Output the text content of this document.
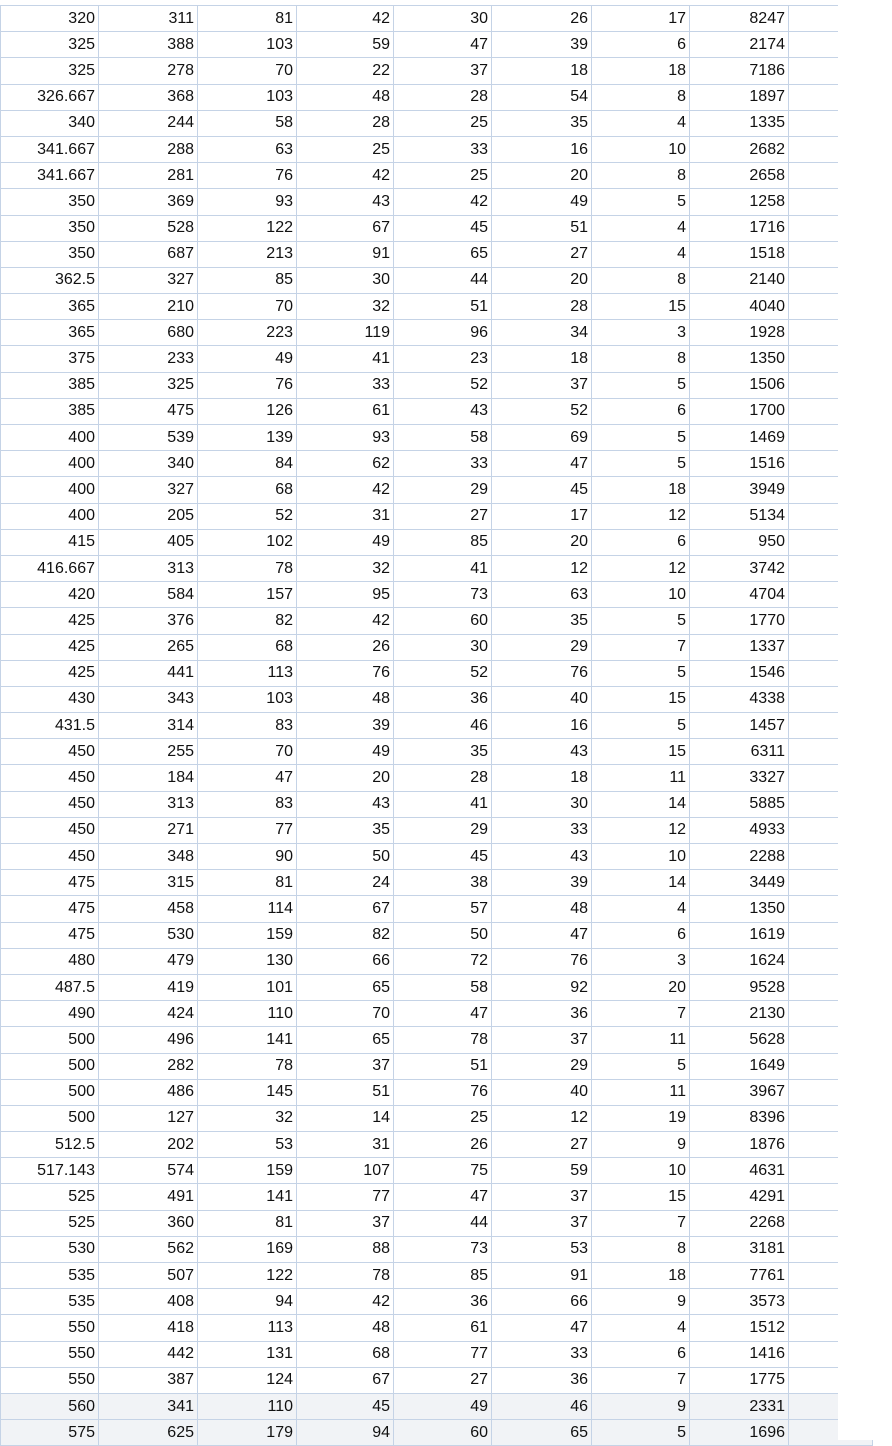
320	311	81	42	30	26	17	8247	
325	388	103	59	47	39	6	2174	
325	278	70	22	37	18	18	7186	
326.667	368	103	48	28	54	8	1897	
340	244	58	28	25	35	4	1335	
341.667	288	63	25	33	16	10	2682	
341.667	281	76	42	25	20	8	2658	
350	369	93	43	42	49	5	1258	
350	528	122	67	45	51	4	1716	
350	687	213	91	65	27	4	1518	
362.5	327	85	30	44	20	8	2140	
365	210	70	32	51	28	15	4040	
365	680	223	119	96	34	3	1928	
375	233	49	41	23	18	8	1350	
385	325	76	33	52	37	5	1506	
385	475	126	61	43	52	6	1700	
400	539	139	93	58	69	5	1469	
400	340	84	62	33	47	5	1516	
400	327	68	42	29	45	18	3949	
400	205	52	31	27	17	12	5134	
415	405	102	49	85	20	6	950	
416.667	313	78	32	41	12	12	3742	
420	584	157	95	73	63	10	4704	
425	376	82	42	60	35	5	1770	
425	265	68	26	30	29	7	1337	
425	441	113	76	52	76	5	1546	
430	343	103	48	36	40	15	4338	
431.5	314	83	39	46	16	5	1457	
450	255	70	49	35	43	15	6311	
450	184	47	20	28	18	11	3327	
450	313	83	43	41	30	14	5885	
450	271	77	35	29	33	12	4933	
450	348	90	50	45	43	10	2288	
475	315	81	24	38	39	14	3449	
475	458	114	67	57	48	4	1350	
475	530	159	82	50	47	6	1619	
480	479	130	66	72	76	3	1624	
487.5	419	101	65	58	92	20	9528	
490	424	110	70	47	36	7	2130	
500	496	141	65	78	37	11	5628	
500	282	78	37	51	29	5	1649	
500	486	145	51	76	40	11	3967	
500	127	32	14	25	12	19	8396	
512.5	202	53	31	26	27	9	1876	
517.143	574	159	107	75	59	10	4631	
525	491	141	77	47	37	15	4291	
525	360	81	37	44	37	7	2268	
530	562	169	88	73	53	8	3181	
535	507	122	78	85	91	18	7761	
535	408	94	42	36	66	9	3573	
550	418	113	48	61	47	4	1512	
550	442	131	68	77	33	6	1416	
550	387	124	67	27	36	7	1775	
560	341	110	45	49	46	9	2331	
575	625	179	94	60	65	5	1696	
